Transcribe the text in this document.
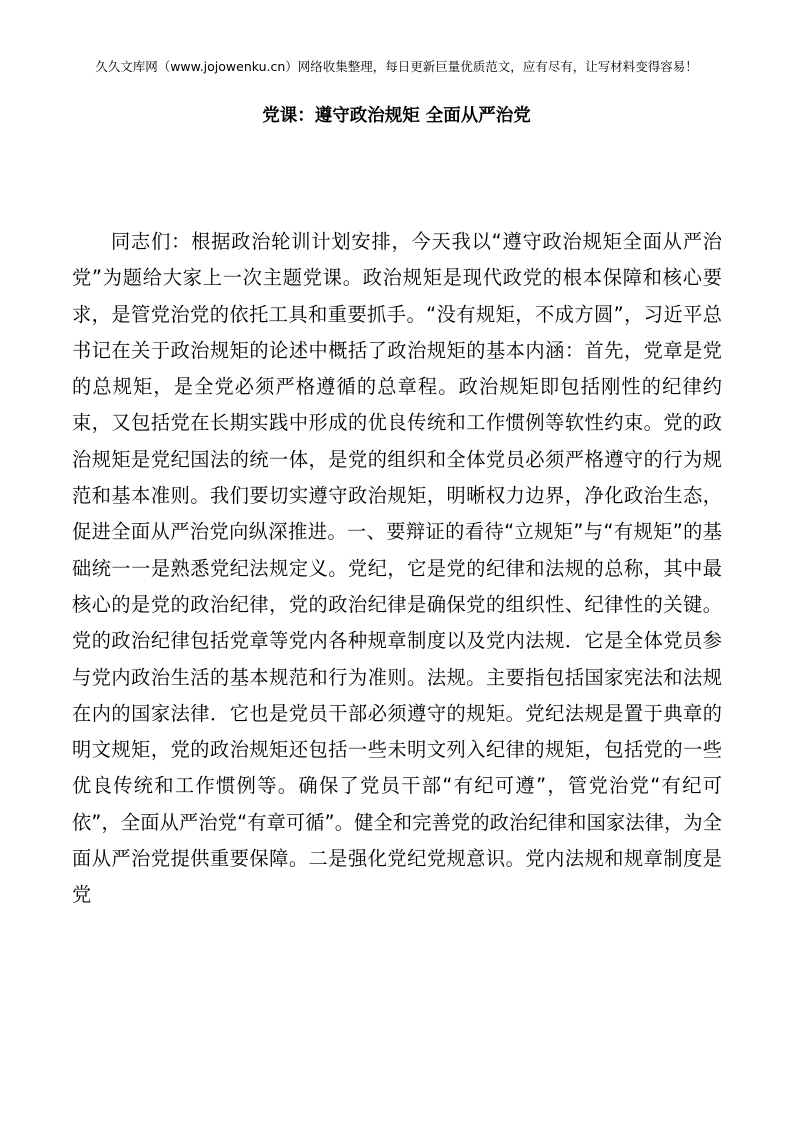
久久文库网（www.jojowenku.cn）网络收集整理，每日更新巨量优质范文，应有尽有，让写材料变得容易！
党课：遵守政治规矩 全面从严治党

同志们：根据政治轮训计划安排，今天我以“遵守政治规矩全面从严治党”为题给大家上一次主题党课。政治规矩是现代政党的根本保障和核心要求，是管党治党的依托工具和重要抓手。“没有规矩，不成方圆”，习近平总书记在关于政治规矩的论述中概括了政治规矩的基本内涵：首先，党章是党的总规矩，是全党必须严格遵循的总章程。政治规矩即包括刚性的纪律约束，又包括党在长期实践中形成的优良传统和工作惯例等软性约束。党的政治规矩是党纪国法的统一体，是党的组织和全体党员必须严格遵守的行为规范和基本准则。我们要切实遵守政治规矩，明晰权力边界，净化政治生态，促进全面从严治党向纵深推进。一、要辩证的看待“立规矩”与“有规矩”的基础统一一是熟悉党纪法规定义。党纪，它是党的纪律和法规的总称，其中最核心的是党的政治纪律，党的政治纪律是确保党的组织性、纪律性的关键。党的政治纪律包括党章等党内各种规章制度以及党内法规．它是全体党员参与党内政治生活的基本规范和行为准则。法规。主要指包括国家宪法和法规在内的国家法律．它也是党员干部必须遵守的规矩。党纪法规是置于典章的明文规矩，党的政治规矩还包括一些未明文列入纪律的规矩，包括党的一些优良传统和工作惯例等。确保了党员干部“有纪可遵”，管党治党“有纪可依”，全面从严治党“有章可循”。健全和完善党的政治纪律和国家法律，为全面从严治党提供重要保障。二是强化党纪党规意识。党内法规和规章制度是党
